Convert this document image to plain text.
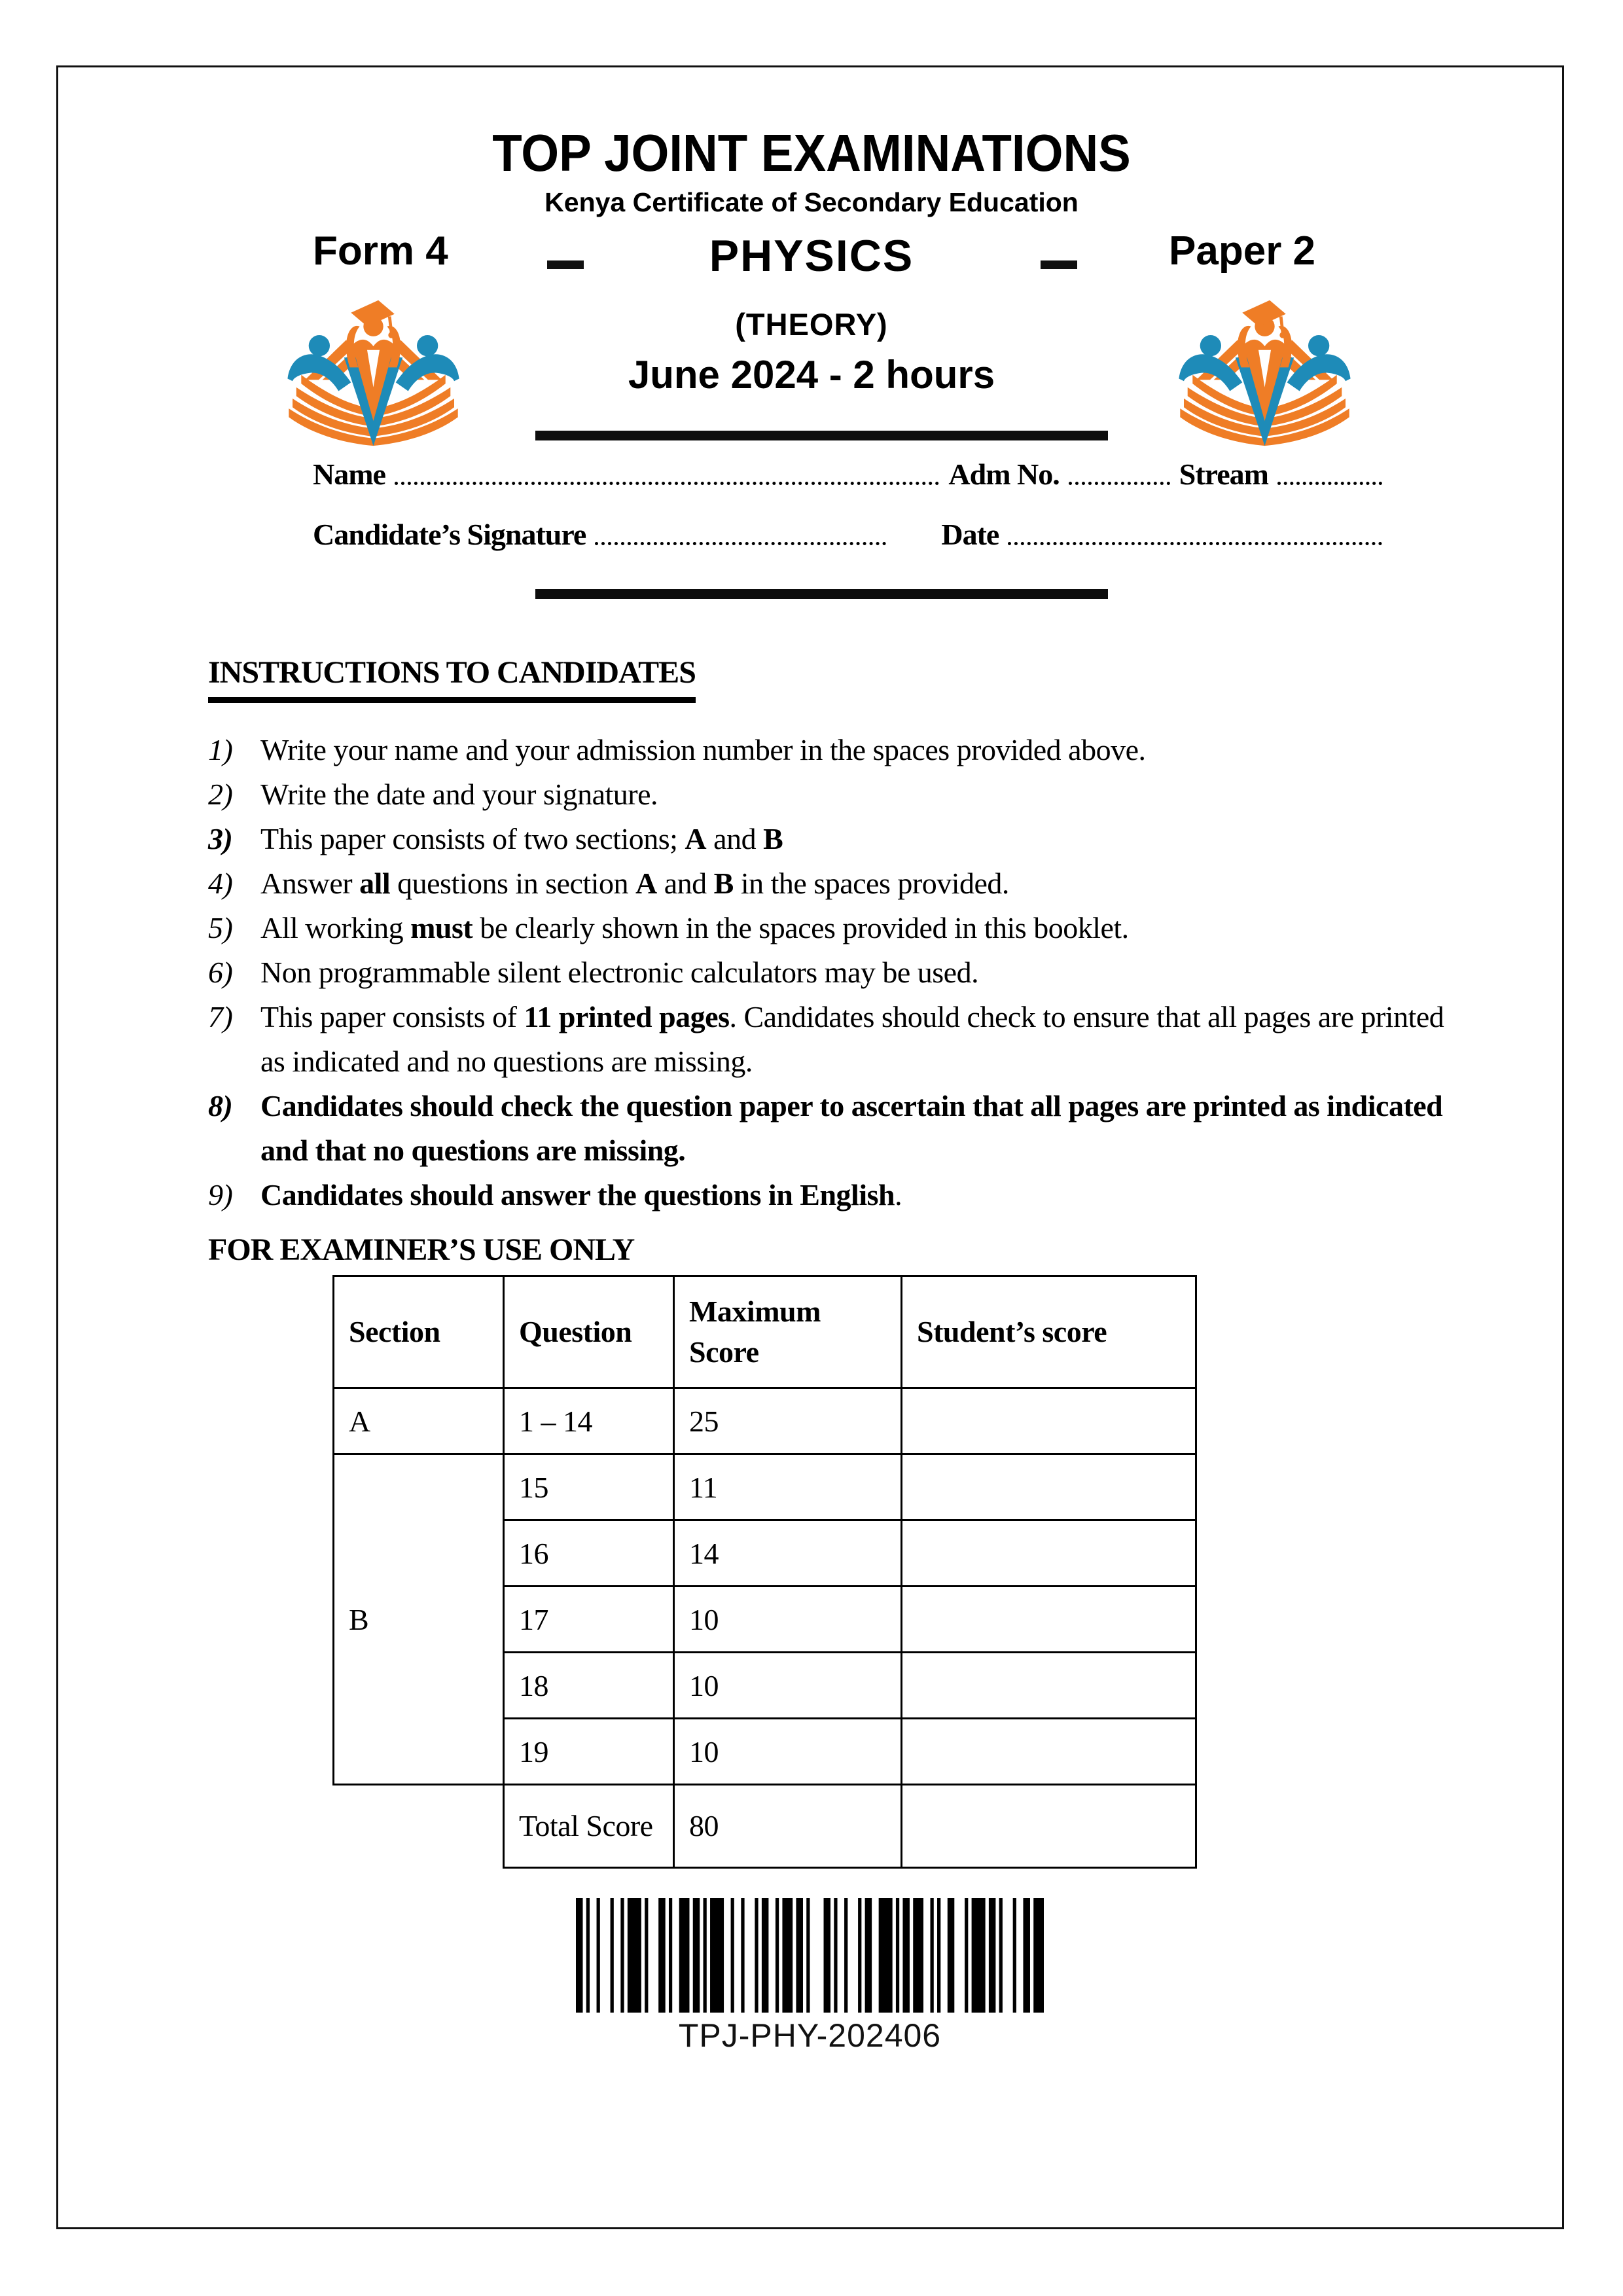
TOP JOINT EXAMINATIONS
Kenya Certificate of Secondary Education
Form 4	PHYSICS	Paper 2
(THEORY)
June 2024 - 2 hours
Name	Adm No.	Stream
Candidate’s Signature	Date
INSTRUCTIONS TO CANDIDATES
1) Write your name and your admission number in the spaces provided above.
2) Write the date and your signature.
3) This paper consists of two sections; A and B
4) Answer all questions in section A and B in the spaces provided.
5) All working must be clearly shown in the spaces provided in this booklet.
6) Non programmable silent electronic calculators may be used.
7) This paper consists of 11 printed pages. Candidates should check to ensure that all pages are printed as indicated and no questions are missing.
8) Candidates should check the question paper to ascertain that all pages are printed as indicated and that no questions are missing.
9) Candidates should answer the questions in English.
FOR EXAMINER’S USE ONLY
Section	Question	Maximum Score	Student’s score
A	1 – 14	25	
B	15	11	
	16	14	
	17	10	
	18	10	
	19	10	
	Total Score	80	
TPJ-PHY-202406
